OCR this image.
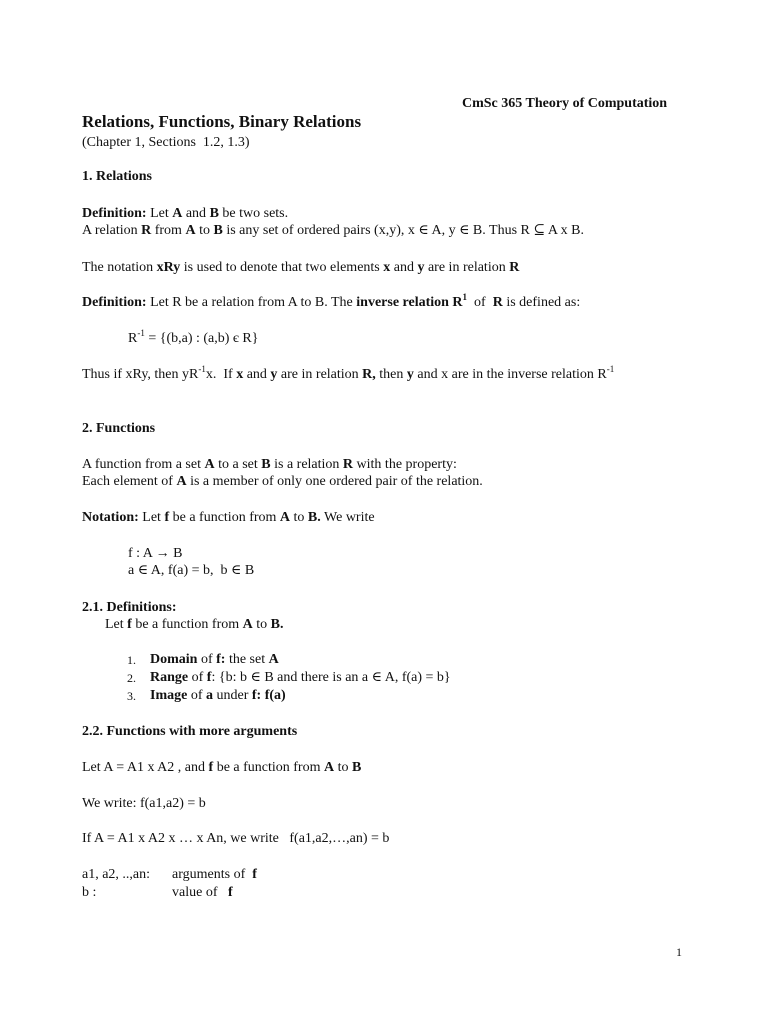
CmSc 365 Theory of Computation
Relations, Functions, Binary Relations
(Chapter 1, Sections  1.2, 1.3)
1. Relations
Definition: Let A and B be two sets.
A relation R from A to B is any set of ordered pairs (x,y), x ∈ A, y ∈ B. Thus R ⊆ A x B.
The notation xRy is used to denote that two elements x and y are in relation R
Definition: Let R be a relation from A to B. The inverse relation $R^1$  of  R is defined as:
$R^{-1} = \{(b,a)$ : (a,b) є R}
Thus if xRy, then $yR^{-1}x$.  If x and y are in relation R, then y and x are in the inverse relation $R^{-1}$
2. Functions
A function from a set A to a set B is a relation R with the property:
Each element of A is a member of only one ordered pair of the relation.
Notation: Let f be a function from A to B. We write
f : A → B
a ∈ A, f(a) = b,  b ∈ B
2.1. Definitions:
Let f be a function from A to B.
1. Domain of f: the set A
2. Range of f: {b: b ∈ B and there is an a ∈ A, f(a) = b}
3. Image of a under f: f(a)
2.2. Functions with more arguments
Let A = A1 x A2 , and f be a function from A to B
We write: f(a1,a2) = b
If A = A1 x A2 x … x An, we write   f(a1,a2,…,an) = b
a1, a2, ..,an: arguments of  f
b :	value of   f
1
